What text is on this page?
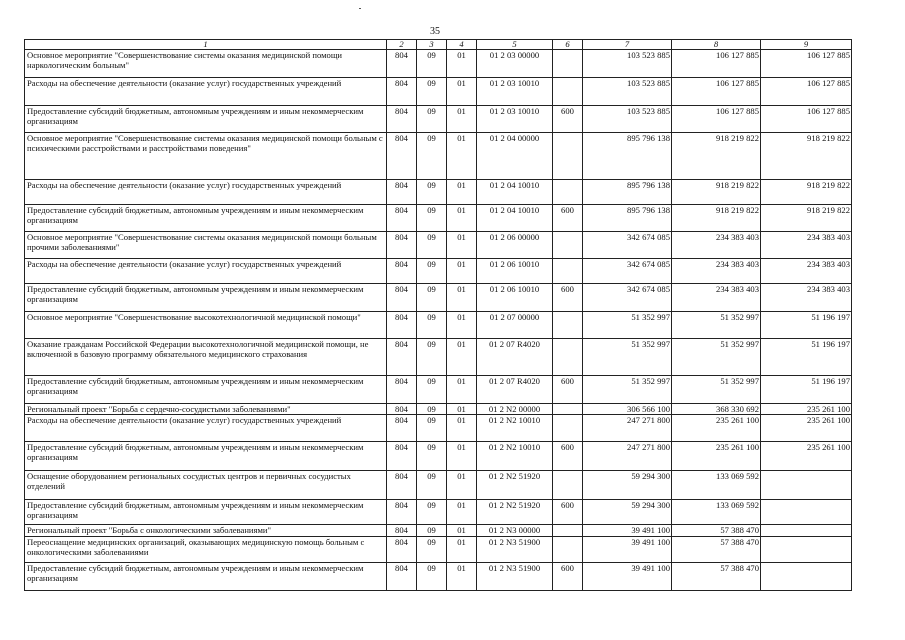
35
1	2	3	4	5	6	7	8	9
Основное мероприятие "Совершенствование системы оказания медицинской помощи наркологическим больным"	804	09	01	01 2 03 00000		103 523 885	106 127 885	106 127 885
Расходы на обеспечение деятельности (оказание услуг) государственных учреждений	804	09	01	01 2 03 10010		103 523 885	106 127 885	106 127 885
Предоставление субсидий бюджетным, автономным учреждениям и иным некоммерческим организациям	804	09	01	01 2 03 10010	600	103 523 885	106 127 885	106 127 885
Основное мероприятие "Совершенствование системы оказания медицинской помощи больным с психическими расстройствами и расстройствами поведения"	804	09	01	01 2 04 00000		895 796 138	918 219 822	918 219 822
Расходы на обеспечение деятельности (оказание услуг) государственных учреждений	804	09	01	01 2 04 10010		895 796 138	918 219 822	918 219 822
Предоставление субсидий бюджетным, автономным учреждениям и иным некоммерческим организациям	804	09	01	01 2 04 10010	600	895 796 138	918 219 822	918 219 822
Основное мероприятие "Совершенствование системы оказания медицинской помощи больным прочими заболеваниями"	804	09	01	01 2 06 00000		342 674 085	234 383 403	234 383 403
Расходы на обеспечение деятельности (оказание услуг) государственных учреждений	804	09	01	01 2 06 10010		342 674 085	234 383 403	234 383 403
Предоставление субсидий бюджетным, автономным учреждениям и иным некоммерческим организациям	804	09	01	01 2 06 10010	600	342 674 085	234 383 403	234 383 403
Основное мероприятие "Совершенствование высокотехнологичной медицинской помощи"	804	09	01	01 2 07 00000		51 352 997	51 352 997	51 196 197
Оказание гражданам Российской Федерации высокотехнологичной медицинской помощи, не включенной в базовую программу обязательного медицинского страхования	804	09	01	01 2 07 R4020		51 352 997	51 352 997	51 196 197
Предоставление субсидий бюджетным, автономным учреждениям и иным некоммерческим организациям	804	09	01	01 2 07 R4020	600	51 352 997	51 352 997	51 196 197
Региональный проект "Борьба с сердечно-сосудистыми заболеваниями"	804	09	01	01 2 N2 00000		306 566 100	368 330 692	235 261 100
Расходы на обеспечение деятельности (оказание услуг) государственных учреждений	804	09	01	01 2 N2 10010		247 271 800	235 261 100	235 261 100
Предоставление субсидий бюджетным, автономным учреждениям и иным некоммерческим организациям	804	09	01	01 2 N2 10010	600	247 271 800	235 261 100	235 261 100
Оснащение оборудованием региональных сосудистых центров и первичных сосудистых отделений	804	09	01	01 2 N2 51920		59 294 300	133 069 592	
Предоставление субсидий бюджетным, автономным учреждениям и иным некоммерческим организациям	804	09	01	01 2 N2 51920	600	59 294 300	133 069 592	
Региональный проект "Борьба с онкологическими заболеваниями"	804	09	01	01 2 N3 00000		39 491 100	57 388 470	
Переоснащение медицинских организаций, оказывающих медицинскую помощь больным с онкологическими заболеваниями	804	09	01	01 2 N3 51900		39 491 100	57 388 470	
Предоставление субсидий бюджетным, автономным учреждениям и иным некоммерческим организациям	804	09	01	01 2 N3 51900	600	39 491 100	57 388 470	
